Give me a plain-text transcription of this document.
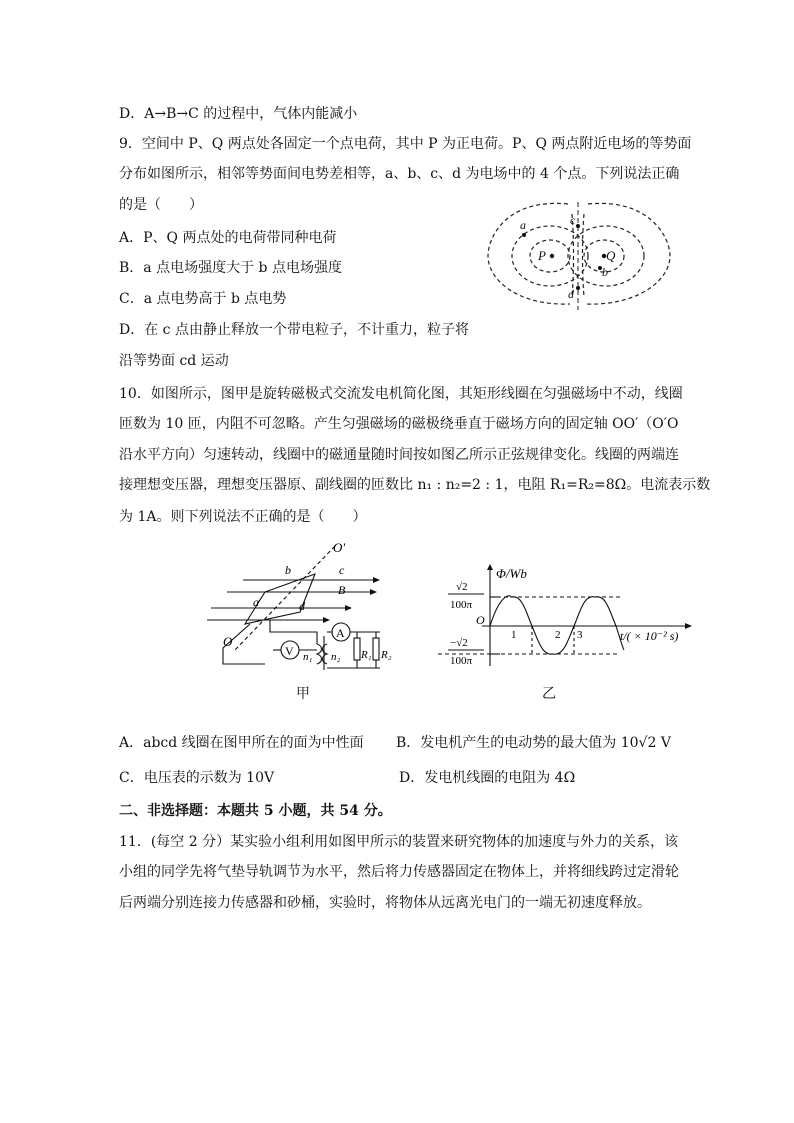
D．A→B→C 的过程中，气体内能减小
9．空间中 P、Q 两点处各固定一个点电荷，其中 P 为正电荷。P、Q 两点附近电场的等势面
分布如图所示，相邻等势面间电势差相等，a、b、c、d 为电场中的 4 个点。下列说法正确
的是（　　）
A．P、Q 两点处的电荷带同种电荷
B．a 点电场强度大于 b 点电场强度
C．a 点电势高于 b 点电势
D．在 c 点由静止释放一个带电粒子，不计重力，粒子将
沿等势面 cd 运动
P	Q
a
b
c
d
10．如图所示，图甲是旋转磁极式交流发电机简化图，其矩形线圈在匀强磁场中不动，线圈
匝数为 10 匝，内阻不可忽略。产生匀强磁场的磁极绕垂直于磁场方向的固定轴 OO′（O′O
沿水平方向）匀速转动，线圈中的磁通量随时间按如图乙所示正弦规律变化。线圈的两端连
接理想变压器，理想变压器原、副线圈的匝数比 n₁ : n₂=2 : 1，电阻 R₁=R₂=8Ω。电流表示数
为 1A。则下列说法不正确的是（　　）
O′
b	c
B
a	d
O
V
A
n₁ n₂ R₁ R₂
甲
Φ/Wb
t/( × 10⁻² s)
O
√2
100π
−√2
100π
1	2 3
乙
A．abcd 线圈在图甲所在的面为中性面 B．发电机产生的电动势的最大值为 10√2 V
C．电压表的示数为 10V	D．发电机线圈的电阻为 4Ω
二、非选择题：本题共 5 小题，共 54 分。
11．(每空 2 分）某实验小组利用如图甲所示的装置来研究物体的加速度与外力的关系，该
小组的同学先将气垫导轨调节为水平，然后将力传感器固定在物体上，并将细线跨过定滑轮
后两端分别连接力传感器和砂桶，实验时，将物体从远离光电门的一端无初速度释放。
